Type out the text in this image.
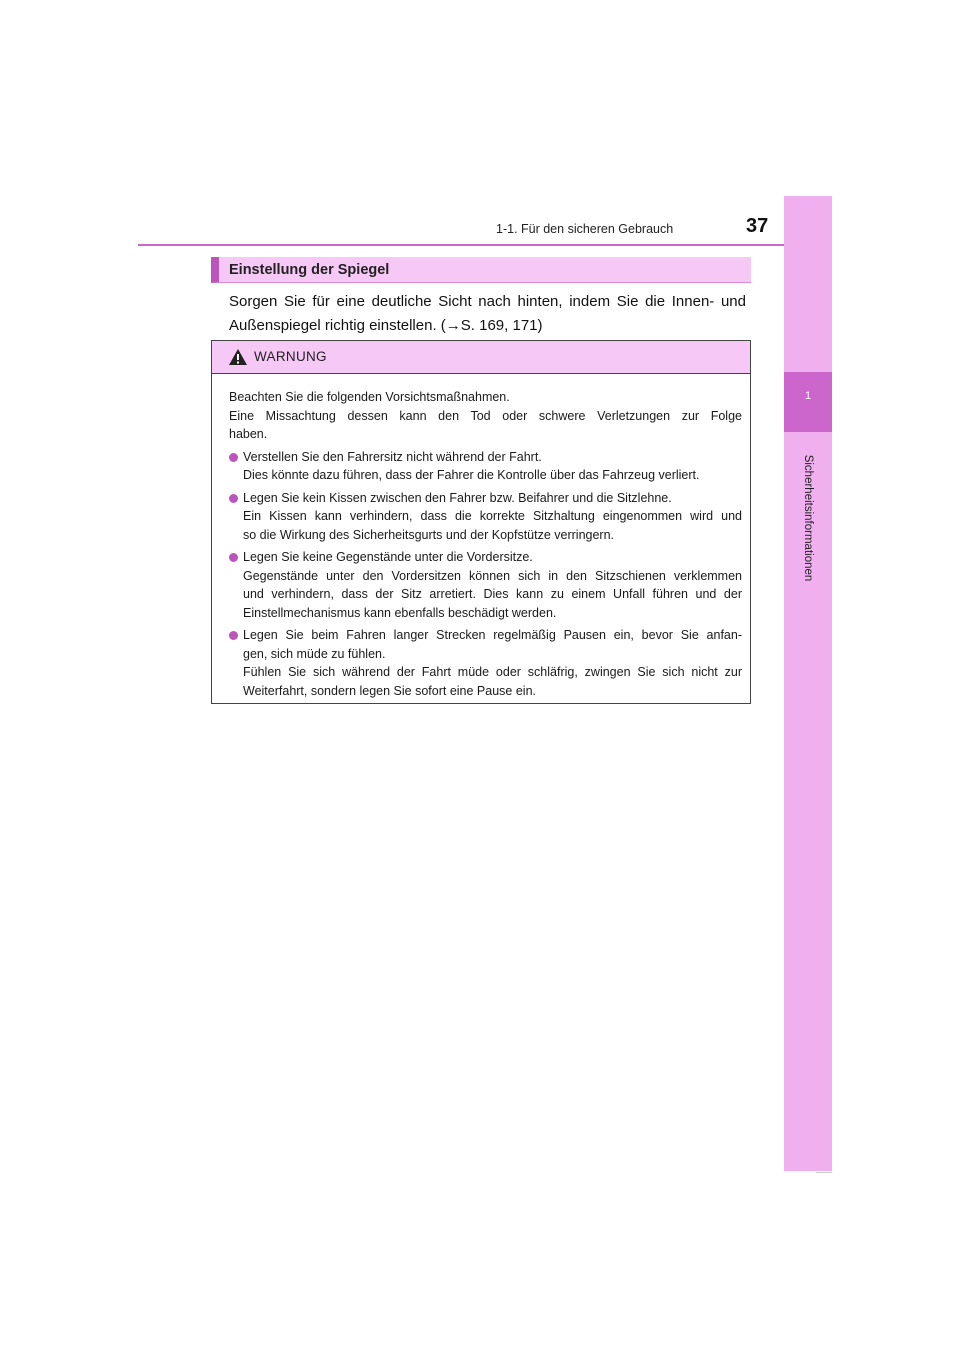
1-1. Für den sicheren Gebrauch	37
1
Sicherheitsinformationen
Einstellung der Spiegel
Sorgen Sie für eine deutliche Sicht nach hinten, indem Sie die Innen- und
Außenspiegel richtig einstellen. (→S. 169, 171)
WARNUNG
Beachten Sie die folgenden Vorsichtsmaßnahmen.
Eine Missachtung dessen kann den Tod oder schwere Verletzungen zur Folge
haben.
Verstellen Sie den Fahrersitz nicht während der Fahrt.
Dies könnte dazu führen, dass der Fahrer die Kontrolle über das Fahrzeug verliert.
Legen Sie kein Kissen zwischen den Fahrer bzw. Beifahrer und die Sitzlehne.
Ein Kissen kann verhindern, dass die korrekte Sitzhaltung eingenommen wird und
so die Wirkung des Sicherheitsgurts und der Kopfstütze verringern.
Legen Sie keine Gegenstände unter die Vordersitze.
Gegenstände unter den Vordersitzen können sich in den Sitzschienen verklemmen
und verhindern, dass der Sitz arretiert. Dies kann zu einem Unfall führen und der
Einstellmechanismus kann ebenfalls beschädigt werden.
Legen Sie beim Fahren langer Strecken regelmäßig Pausen ein, bevor Sie anfan-
gen, sich müde zu fühlen.
Fühlen Sie sich während der Fahrt müde oder schläfrig, zwingen Sie sich nicht zur
Weiterfahrt, sondern legen Sie sofort eine Pause ein.
